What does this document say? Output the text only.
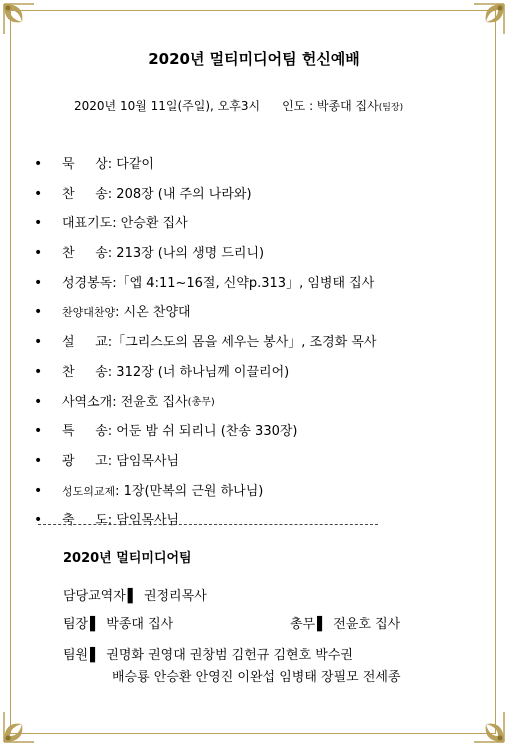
2020년 멀티미디어팀 헌신예배
2020년 10월 11일(주일), 오후3시 인도 : 박종대 집사(팀장)
•	묵     상 : 다같이
•	찬     송 : 208장 (내 주의 나라와)
•	대표기도 : 안승환 집사
•	찬     송 : 213장 (나의 생명 드리니)
•	성경봉독 :「엡 4:11~16절, 신약p.313」, 임병태 집사
•	찬양대찬양 : 시온 찬양대
•	설     교 :「그리스도의 몸을 세우는 봉사」, 조경화 목사
•	찬     송 : 312장 (너 하나님께 이끌리어)
•	사역소개 : 전윤호 집사 (총무)
•	특     송 : 어둔 밤 쉬 되리니 (찬송 330장)
•	광     고 : 담임목사님
•	성도의교제 : 1장(만복의 근원 하나님)
•	축     도 : 담임목사님
2020년 멀티미디어팀
담당교역자 ▌ 권정리목사
팀장 ▌ 박종대 집사	총무 ▌ 전윤호 집사
팀원 ▌ 권명화 권영대 권창범 김헌규 김현호 박수권
배승룡 안승환 안영진 이완섭 임병태 장필모 전세종
